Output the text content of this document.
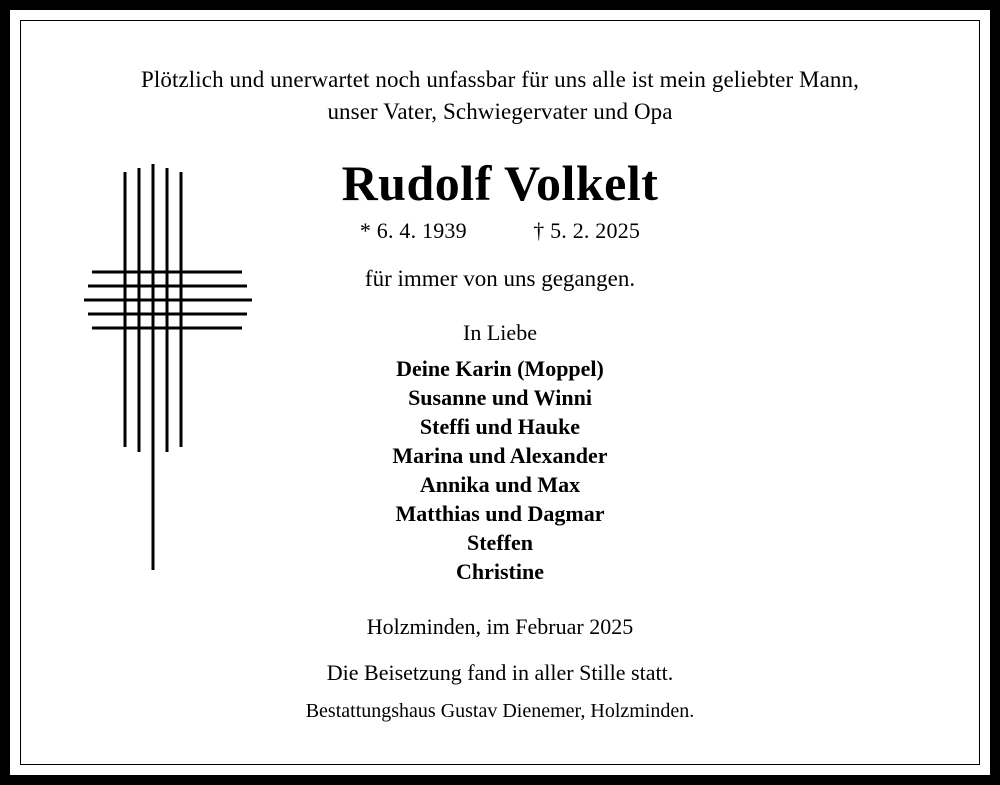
Plötzlich und unerwartet noch unfassbar für uns alle ist mein geliebter Mann,
unser Vater, Schwiegervater und Opa
Rudolf Volkelt
* 6. 4. 1939	† 5. 2. 2025
für immer von uns gegangen.
In Liebe
Deine Karin (Moppel)
Susanne und Winni
Steffi und Hauke
Marina und Alexander
Annika und Max
Matthias und Dagmar
Steffen
Christine
Holzminden, im Februar 2025
Die Beisetzung fand in aller Stille statt.
Bestattungshaus Gustav Dienemer, Holzminden.
